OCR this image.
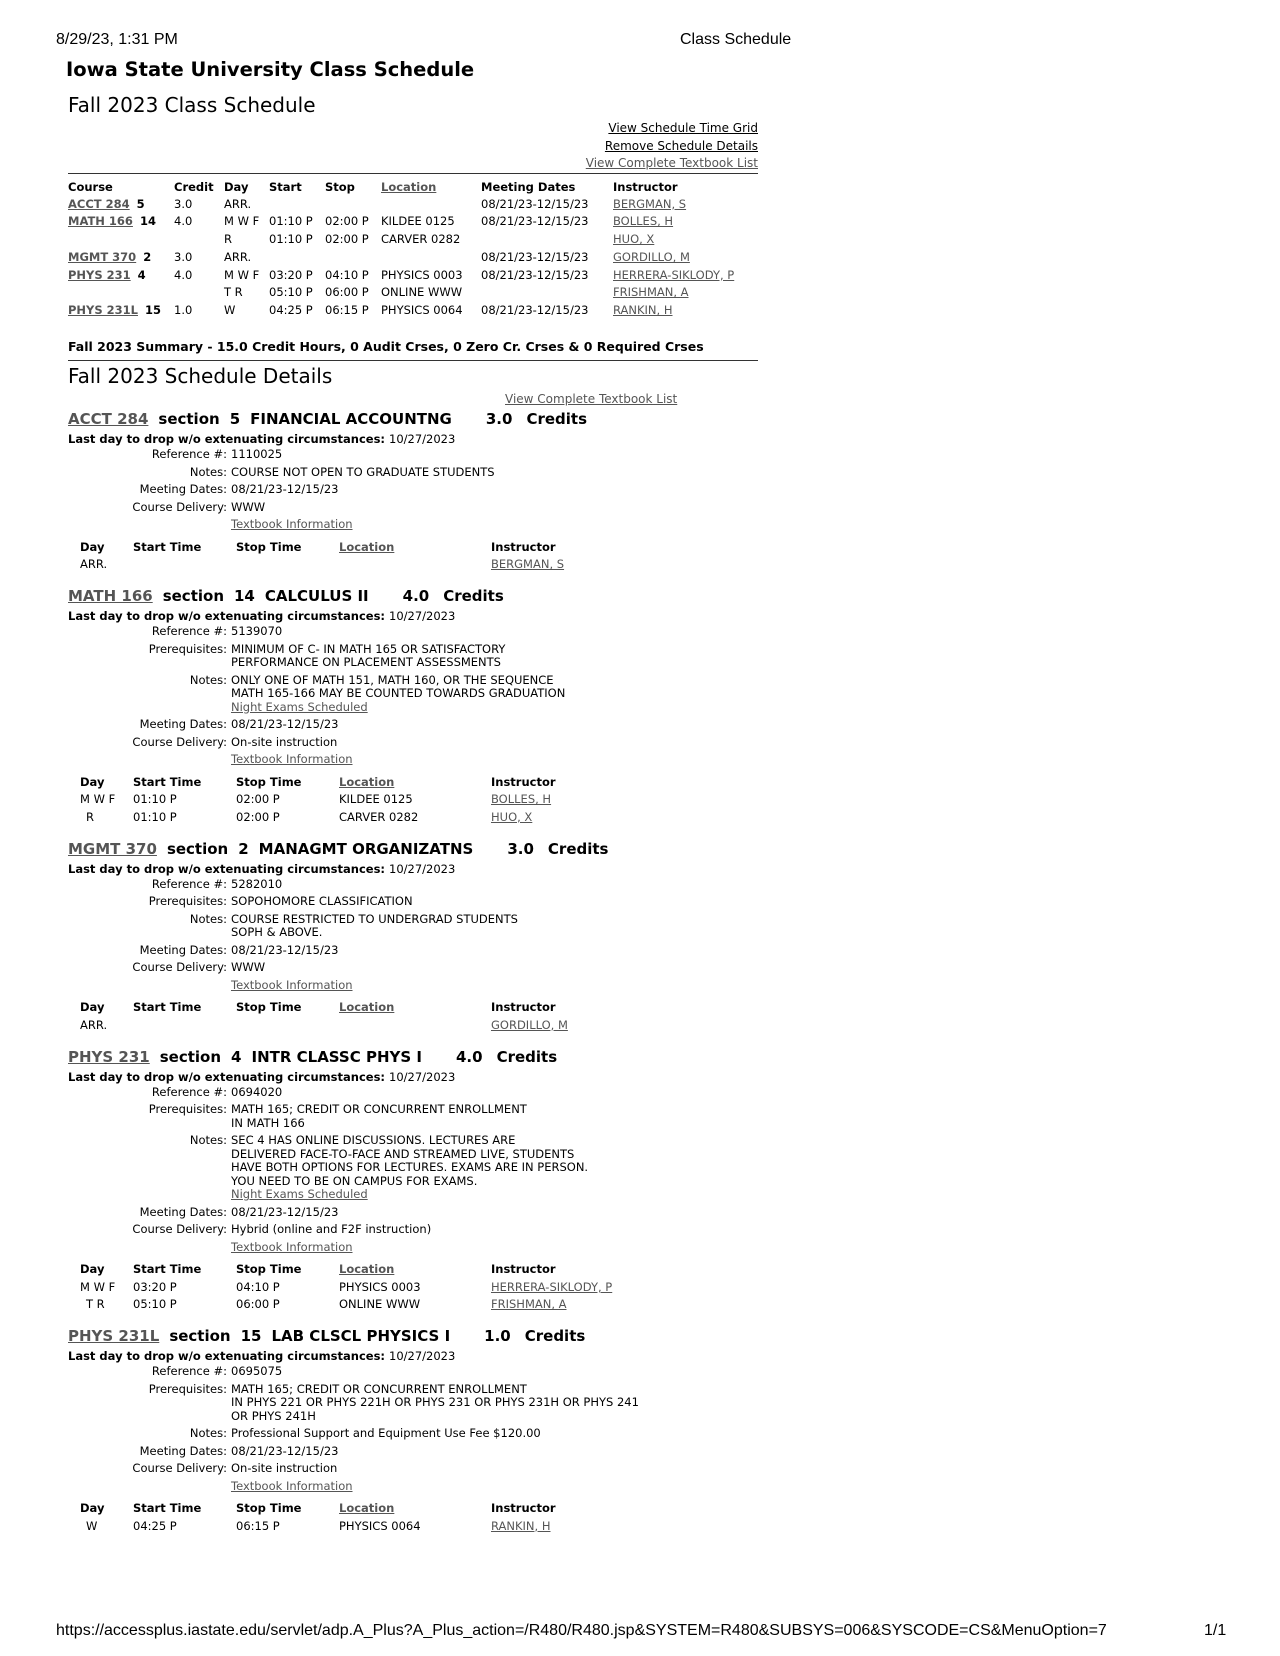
8/29/23, 1:31 PM	Class Schedule
Iowa State University Class Schedule
Fall 2023 Class Schedule
View Schedule Time Grid
Remove Schedule Details
View Complete Textbook List
Course	Credit	Day	Start	Stop	Location	Meeting Dates	Instructor
ACCT 284 5	3.0	ARR.				08/21/23-12/15/23	BERGMAN, S
MATH 166 14	4.0	M W F	01:10 P	02:00 P	KILDEE 0125	08/21/23-12/15/23	BOLLES, H
		R	01:10 P	02:00 P	CARVER 0282		HUO, X
MGMT 370 2	3.0	ARR.				08/21/23-12/15/23	GORDILLO, M
PHYS 231 4	4.0	M W F	03:20 P	04:10 P	PHYSICS 0003	08/21/23-12/15/23	HERRERA-SIKLODY, P
		T R	05:10 P	06:00 P	ONLINE WWW		FRISHMAN, A
PHYS 231L 15	1.0	W	04:25 P	06:15 P	PHYSICS 0064	08/21/23-12/15/23	RANKIN, H
Fall 2023 Summary - 15.0 Credit Hours, 0 Audit Crses, 0 Zero Cr. Crses & 0 Required Crses
Fall 2023 Schedule Details
View Complete Textbook List
ACCT 284 section 5 FINANCIAL ACCOUNTNG 3.0 Credits
Last day to drop w/o extenuating circumstances: 10/27/2023
Reference #: 1110025
Notes: COURSE NOT OPEN TO GRADUATE STUDENTS
Meeting Dates: 08/21/23-12/15/23
Course Delivery: WWW
Textbook Information
Day	Start Time	Stop Time	Location	Instructor
ARR.				BERGMAN, S
MATH 166 section 14 CALCULUS II 4.0 Credits
Last day to drop w/o extenuating circumstances: 10/27/2023
Reference #: 5139070
Prerequisites: MINIMUM OF C- IN MATH 165 OR SATISFACTORY
PERFORMANCE ON PLACEMENT ASSESSMENTS
Notes: ONLY ONE OF MATH 151, MATH 160, OR THE SEQUENCE
MATH 165-166 MAY BE COUNTED TOWARDS GRADUATION
Night Exams Scheduled
Meeting Dates: 08/21/23-12/15/23
Course Delivery: On-site instruction
Textbook Information
Day	Start Time	Stop Time	Location	Instructor
M W F	01:10 P	02:00 P	KILDEE 0125	BOLLES, H
R	01:10 P	02:00 P	CARVER 0282	HUO, X
MGMT 370 section 2 MANAGMT ORGANIZATNS 3.0 Credits
Last day to drop w/o extenuating circumstances: 10/27/2023
Reference #: 5282010
Prerequisites: SOPOHOMORE CLASSIFICATION
Notes: COURSE RESTRICTED TO UNDERGRAD STUDENTS
SOPH & ABOVE.
Meeting Dates: 08/21/23-12/15/23
Course Delivery: WWW
Textbook Information
Day	Start Time	Stop Time	Location	Instructor
ARR.				GORDILLO, M
PHYS 231 section 4 INTR CLASSC PHYS I 4.0 Credits
Last day to drop w/o extenuating circumstances: 10/27/2023
Reference #: 0694020
Prerequisites: MATH 165; CREDIT OR CONCURRENT ENROLLMENT
IN MATH 166
Notes: SEC 4 HAS ONLINE DISCUSSIONS. LECTURES ARE
DELIVERED FACE-TO-FACE AND STREAMED LIVE, STUDENTS
HAVE BOTH OPTIONS FOR LECTURES. EXAMS ARE IN PERSON.
YOU NEED TO BE ON CAMPUS FOR EXAMS.
Night Exams Scheduled
Meeting Dates: 08/21/23-12/15/23
Course Delivery: Hybrid (online and F2F instruction)
Textbook Information
Day	Start Time	Stop Time	Location	Instructor
M W F	03:20 P	04:10 P	PHYSICS 0003	HERRERA-SIKLODY, P
T R	05:10 P	06:00 P	ONLINE WWW	FRISHMAN, A
PHYS 231L section 15 LAB CLSCL PHYSICS I 1.0 Credits
Last day to drop w/o extenuating circumstances: 10/27/2023
Reference #: 0695075
Prerequisites: MATH 165; CREDIT OR CONCURRENT ENROLLMENT
IN PHYS 221 OR PHYS 221H OR PHYS 231 OR PHYS 231H OR PHYS 241
OR PHYS 241H
Notes: Professional Support and Equipment Use Fee $120.00
Meeting Dates: 08/21/23-12/15/23
Course Delivery: On-site instruction
Textbook Information
Day	Start Time	Stop Time	Location	Instructor
W	04:25 P	06:15 P	PHYSICS 0064	RANKIN, H
https://accessplus.iastate.edu/servlet/adp.A_Plus?A_Plus_action=/R480/R480.jsp&SYSTEM=R480&SUBSYS=006&SYSCODE=CS&MenuOption=7	1/1
